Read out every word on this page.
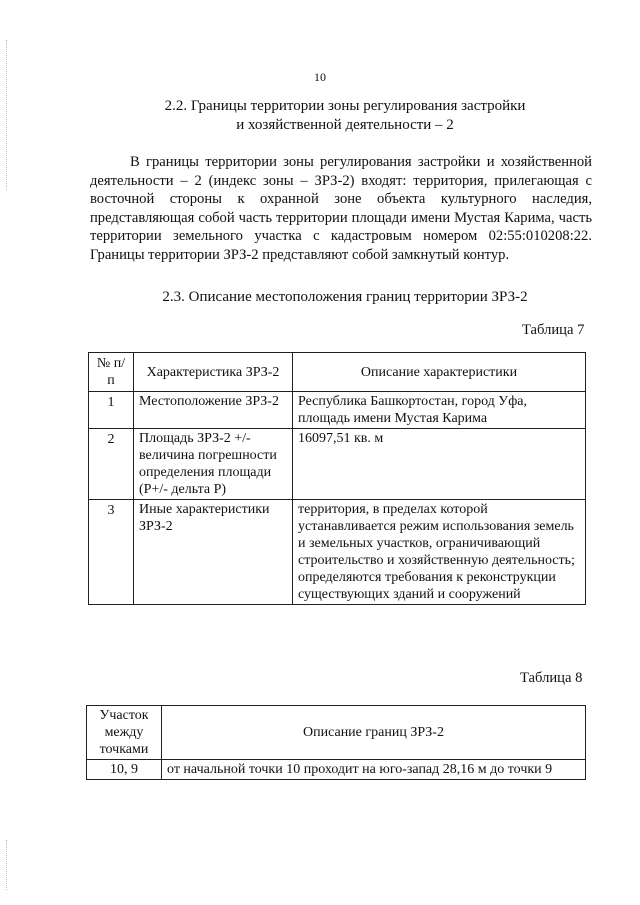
10
2.2. Границы территории зоны регулирования застройки
и хозяйственной деятельности – 2
В границы территории зоны регулирования застройки и хозяйственной деятельности – 2 (индекс зоны – ЗРЗ-2) входят: территория, прилегающая с восточной стороны к охранной зоне объекта культурного наследия, представляющая собой часть территории площади имени Мустая Карима, часть территории земельного участка с кадастровым номером 02:55:010208:22. Границы территории ЗРЗ-2 представляют собой замкнутый контур.
2.3. Описание местоположения границ территории ЗРЗ-2
Таблица 7
№ п/п	Характеристика ЗРЗ-2	Описание характеристики
1	Местоположение ЗРЗ-2	Республика Башкортостан, город Уфа, площадь имени Мустая Карима
2	Площадь ЗРЗ-2 +/- величина погрешности определения площади (P+/- дельта P)	16097,51 кв. м
3	Иные характеристики ЗРЗ-2	территория, в пределах которой устанавливается режим использования земель и земельных участков, ограничивающий строительство и хозяйственную деятельность; определяются требования к реконструкции существующих зданий и сооружений
Таблица 8
Участок между точками	Описание границ ЗРЗ-2
10, 9	от начальной точки 10 проходит на юго-запад 28,16 м до точки 9
